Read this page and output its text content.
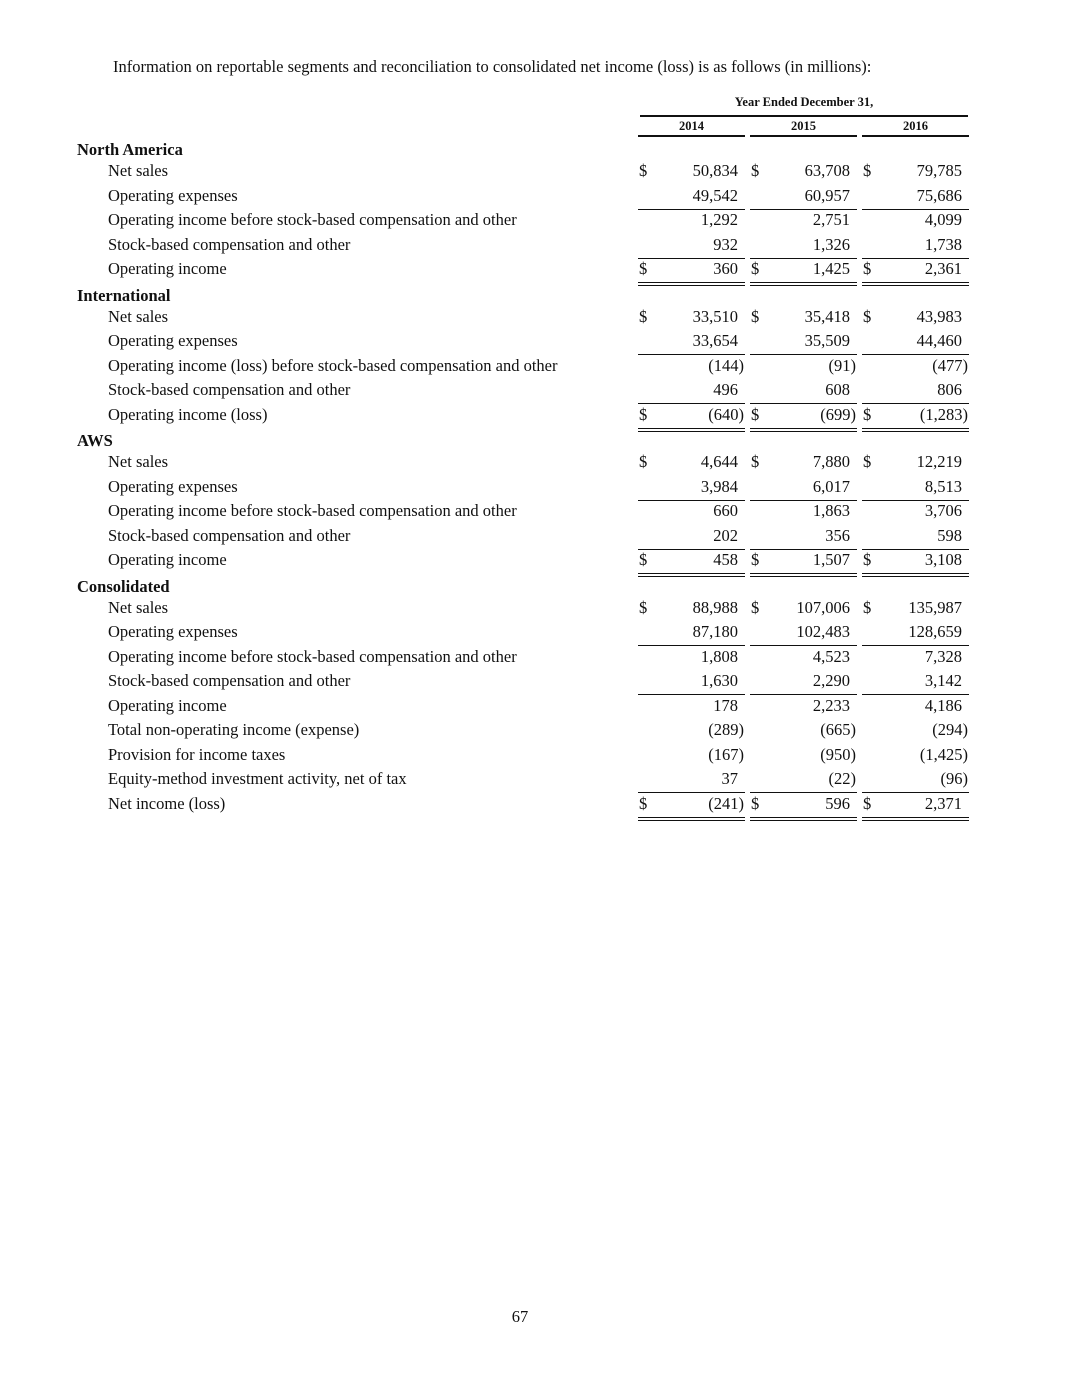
Information on reportable segments and reconciliation to consolidated net income (loss) is as follows (in millions):
Year Ended December 31,
2014	2015	2016
North America
Net sales	$	50,834 $	63,708 $	79,785
Operating expenses	49,542	60,957	75,686
Operating income before stock-based compensation and other	1,292	2,751	4,099
Stock-based compensation and other	932	1,326	1,738
Operating income	$	360 $	1,425 $	2,361
International
Net sales	$	33,510 $	35,418 $	43,983
Operating expenses	33,654	35,509	44,460
Operating income (loss) before stock-based compensation and other	(144)	(91)	(477)
Stock-based compensation and other	496	608	806
Operating income (loss)	$	(640) $	(699) $	(1,283)
AWS
Net sales	$	4,644 $	7,880 $	12,219
Operating expenses	3,984	6,017	8,513
Operating income before stock-based compensation and other	660	1,863	3,706
Stock-based compensation and other	202	356	598
Operating income	$	458 $	1,507 $	3,108
Consolidated
Net sales	$	88,988 $	107,006 $	135,987
Operating expenses	87,180	102,483	128,659
Operating income before stock-based compensation and other	1,808	4,523	7,328
Stock-based compensation and other	1,630	2,290	3,142
Operating income	178	2,233	4,186
Total non-operating income (expense)	(289)	(665)	(294)
Provision for income taxes	(167)	(950)	(1,425)
Equity-method investment activity, net of tax	37	(22)	(96)
Net income (loss)	$	(241) $	596 $	2,371
67
